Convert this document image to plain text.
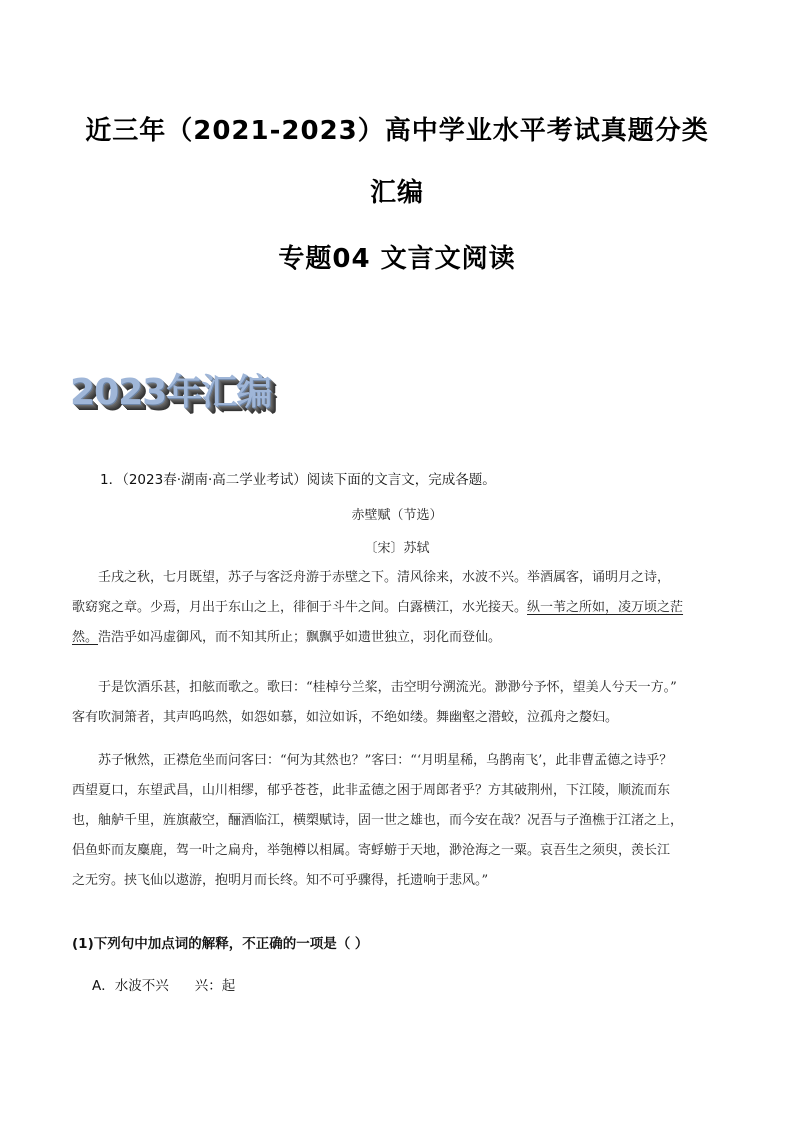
近三年（2021-2023）高中学业水平考试真题分类
汇编
专题04 文言文阅读
2023年汇编
1．（2023春·湖南·高二学业考试）阅读下面的文言文，完成各题。
赤壁赋（节选）
〔宋〕苏轼
壬戌之秋，七月既望，苏子与客泛舟游于赤壁之下。清风徐来，水波不兴。举酒属客，诵明月之诗，
歌窈窕之章。少焉，月出于东山之上，徘徊于斗牛之间。白露横江，水光接天。纵一苇之所如，凌万顷之茫
然。浩浩乎如冯虚御风，而不知其所止；飘飘乎如遗世独立，羽化而登仙。
于是饮酒乐甚，扣舷而歌之。歌曰：“桂棹兮兰桨，击空明兮溯流光。渺渺兮予怀，望美人兮天一方。”
客有吹洞箫者，其声呜呜然，如怨如慕，如泣如诉，不绝如缕。舞幽壑之潜蛟，泣孤舟之嫠妇。
苏子愀然，正襟危坐而问客曰：“何为其然也？”客曰：“‘月明星稀，乌鹊南飞’，此非曹孟德之诗乎？
西望夏口，东望武昌，山川相缪，郁乎苍苍，此非孟德之困于周郎者乎？方其破荆州，下江陵，顺流而东
也，舳舻千里，旌旗蔽空，酾酒临江，横槊赋诗，固一世之雄也，而今安在哉？况吾与子渔樵于江渚之上，
侣鱼虾而友麋鹿，驾一叶之扁舟，举匏樽以相属。寄蜉蝣于天地，渺沧海之一粟。哀吾生之须臾，羡长江
之无穷。挟飞仙以遨游，抱明月而长终。知不可乎骤得，托遗响于悲风。”
(1)下列句中加点词的解释，不正确的一项是（ ）
A．水波不兴 兴：起
